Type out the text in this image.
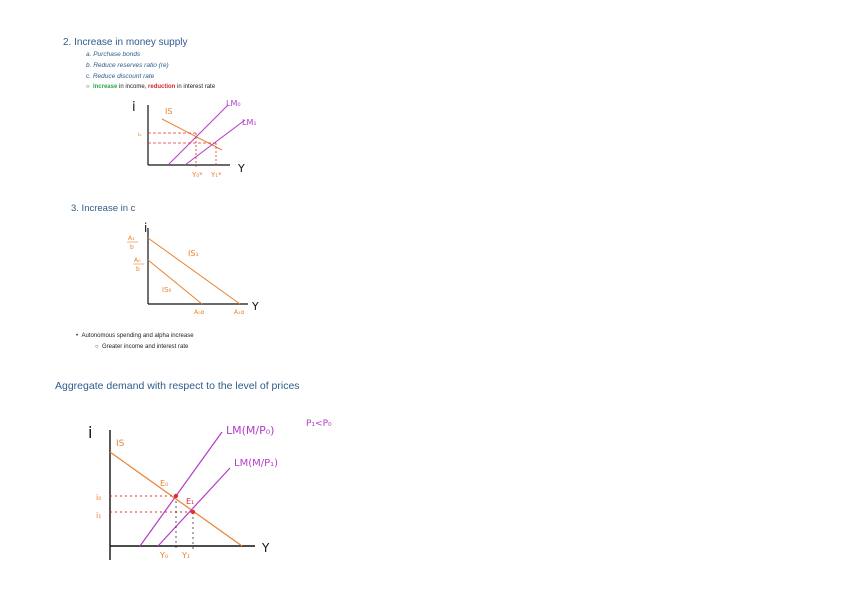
2. Increase in money supply
a. Purchase bonds
b. Reduce reserves ratio (re)
c. Reduce discount rate
○ Increase in income, reduction in interest rate
i
Y
IS
LM₀
LM₁
i₀
Y₀* Y₁*
3. Increase in c
i
Y
IS₁
IS₀
A₁
b
A₀
b
A₀α	A₁α
• Autonomous spending and alpha increase
○ Greater income and interest rate
Aggregate demand with respect to the level of prices
i
Y
IS
LM(M/P₀)
LM(M/P₁)
P₁<P₀
E₀
E₁
i₀
i₁
Y₀ Y₁
